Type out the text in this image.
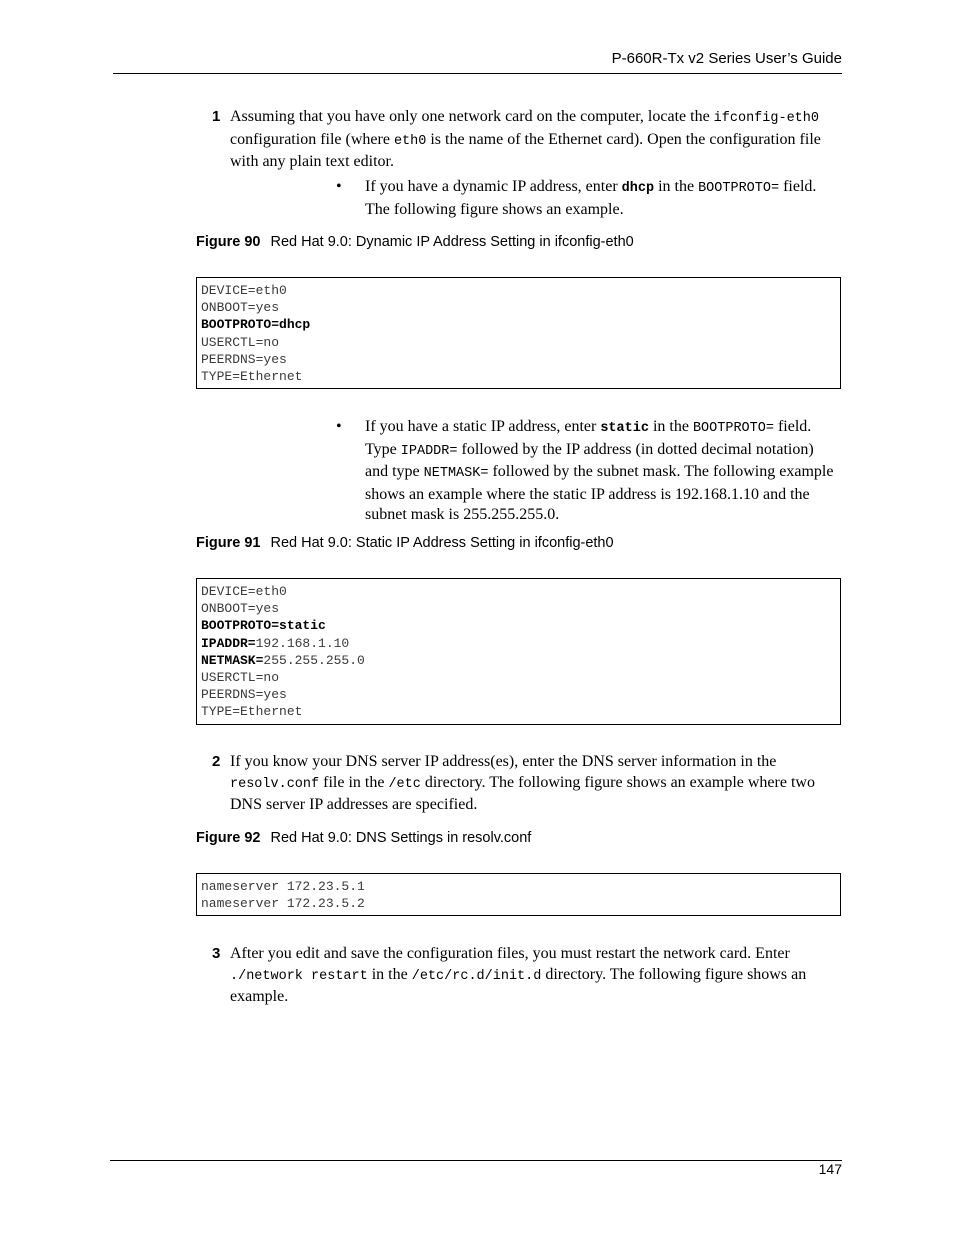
P-660R-Tx v2 Series User’s Guide
1 Assuming that you have only one network card on the computer, locate the ifconfig-eth0 configuration file (where eth0 is the name of the Ethernet card). Open the configuration file with any plain text editor.
• If you have a dynamic IP address, enter dhcp in the BOOTPROTO= field. The following figure shows an example.
Figure 90 Red Hat 9.0: Dynamic IP Address Setting in ifconfig-eth0
DEVICE=eth0
ONBOOT=yes
BOOTPROTO=dhcp
USERCTL=no
PEERDNS=yes
TYPE=Ethernet
• If you have a static IP address, enter static in the BOOTPROTO= field. Type IPADDR= followed by the IP address (in dotted decimal notation) and type NETMASK= followed by the subnet mask. The following example shows an example where the static IP address is 192.168.1.10 and the subnet mask is 255.255.255.0.
Figure 91 Red Hat 9.0: Static IP Address Setting in ifconfig-eth0
DEVICE=eth0
ONBOOT=yes
BOOTPROTO=static
IPADDR=192.168.1.10
NETMASK=255.255.255.0
USERCTL=no
PEERDNS=yes
TYPE=Ethernet
2 If you know your DNS server IP address(es), enter the DNS server information in the resolv.conf file in the /etc directory. The following figure shows an example where two DNS server IP addresses are specified.
Figure 92 Red Hat 9.0: DNS Settings in resolv.conf
nameserver 172.23.5.1
nameserver 172.23.5.2
3 After you edit and save the configuration files, you must restart the network card. Enter ./network restart in the /etc/rc.d/init.d directory. The following figure shows an example.
147
